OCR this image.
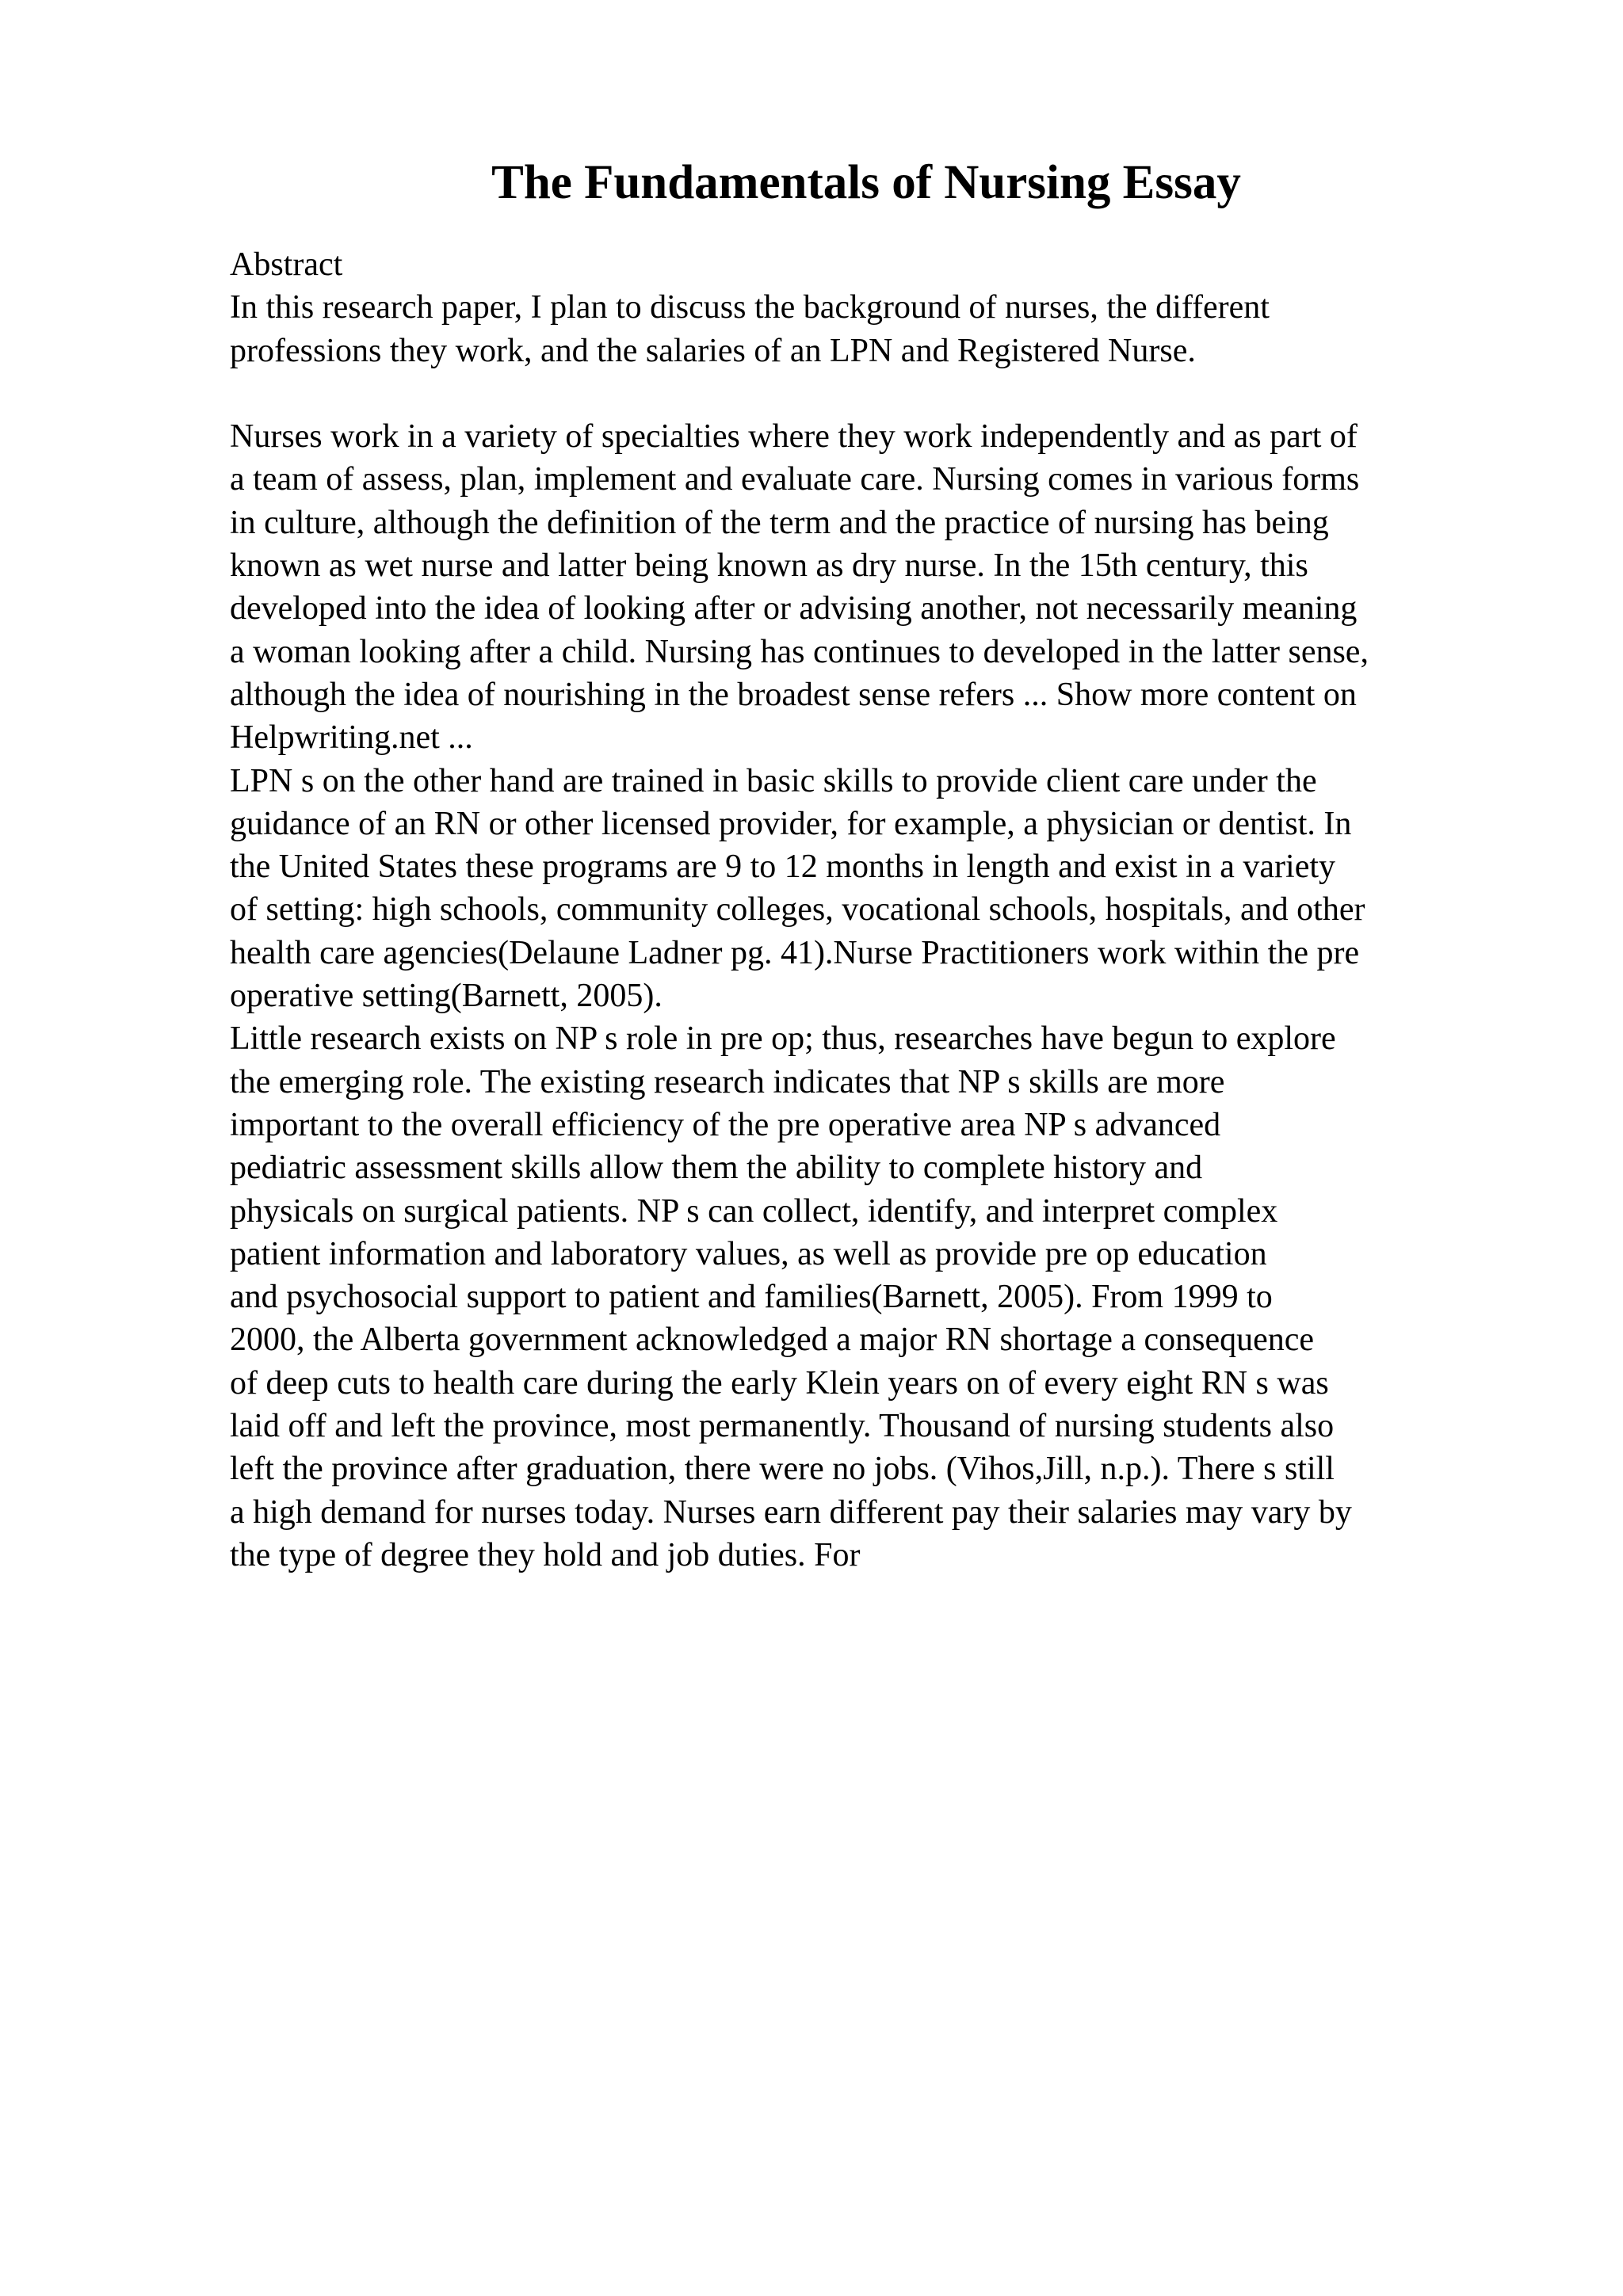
The Fundamentals of Nursing Essay
Abstract
In this research paper, I plan to discuss the background of nurses, the different
professions they work, and the salaries of an LPN and Registered Nurse.
Nurses work in a variety of specialties where they work independently and as part of
a team of assess, plan, implement and evaluate care. Nursing comes in various forms
in culture, although the definition of the term and the practice of nursing has being
known as wet nurse and latter being known as dry nurse. In the 15th century, this
developed into the idea of looking after or advising another, not necessarily meaning
a woman looking after a child. Nursing has continues to developed in the latter sense,
although the idea of nourishing in the broadest sense refers ... Show more content on
Helpwriting.net ...
LPN s on the other hand are trained in basic skills to provide client care under the
guidance of an RN or other licensed provider, for example, a physician or dentist. In
the United States these programs are 9 to 12 months in length and exist in a variety
of setting: high schools, community colleges, vocational schools, hospitals, and other
health care agencies(Delaune Ladner pg. 41).Nurse Practitioners work within the pre
operative setting(Barnett, 2005).
Little research exists on NP s role in pre op; thus, researches have begun to explore
the emerging role. The existing research indicates that NP s skills are more
important to the overall efficiency of the pre operative area NP s advanced
pediatric assessment skills allow them the ability to complete history and
physicals on surgical patients. NP s can collect, identify, and interpret complex
patient information and laboratory values, as well as provide pre op education
and psychosocial support to patient and families(Barnett, 2005). From 1999 to
2000, the Alberta government acknowledged a major RN shortage a consequence
of deep cuts to health care during the early Klein years on of every eight RN s was
laid off and left the province, most permanently. Thousand of nursing students also
left the province after graduation, there were no jobs. (Vihos,Jill, n.p.). There s still
a high demand for nurses today. Nurses earn different pay their salaries may vary by
the type of degree they hold and job duties. For
